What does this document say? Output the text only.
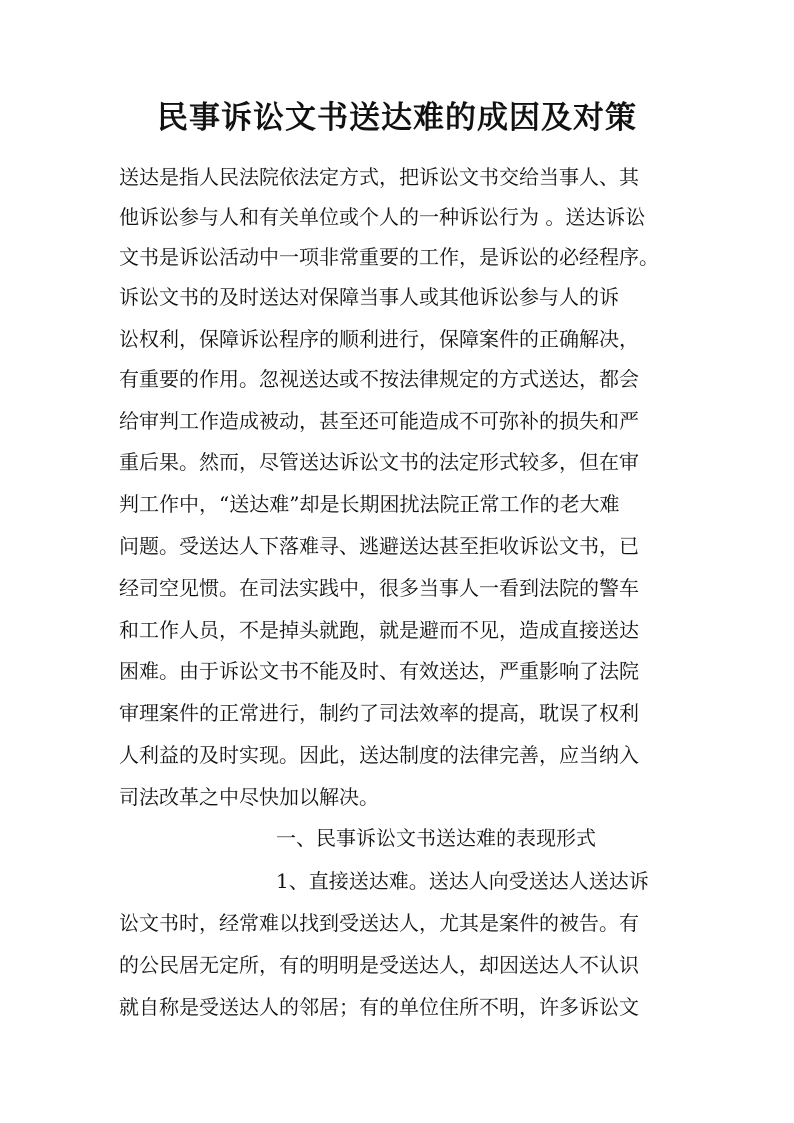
民事诉讼文书送达难的成因及对策
送达是指人民法院依法定方式，把诉讼文书交给当事人、其
他诉讼参与人和有关单位或个人的一种诉讼行为 。送达诉讼
文书是诉讼活动中一项非常重要的工作，是诉讼的必经程序。
诉讼文书的及时送达对保障当事人或其他诉讼参与人的诉
讼权利，保障诉讼程序的顺利进行，保障案件的正确解决，
有重要的作用。忽视送达或不按法律规定的方式送达，都会
给审判工作造成被动，甚至还可能造成不可弥补的损失和严
重后果。然而，尽管送达诉讼文书的法定形式较多，但在审
判工作中，“送达难”却是长期困扰法院正常工作的老大难
问题。受送达人下落难寻、逃避送达甚至拒收诉讼文书，已
经司空见惯。在司法实践中，很多当事人一看到法院的警车
和工作人员，不是掉头就跑，就是避而不见，造成直接送达
困难。由于诉讼文书不能及时、有效送达，严重影响了法院
审理案件的正常进行，制约了司法效率的提高，耽误了权利
人利益的及时实现。因此，送达制度的法律完善，应当纳入
司法改革之中尽快加以解决。
一、民事诉讼文书送达难的表现形式
1、直接送达难。送达人向受送达人送达诉
讼文书时，经常难以找到受送达人，尤其是案件的被告。有
的公民居无定所，有的明明是受送达人，却因送达人不认识
就自称是受送达人的邻居；有的单位住所不明，许多诉讼文
